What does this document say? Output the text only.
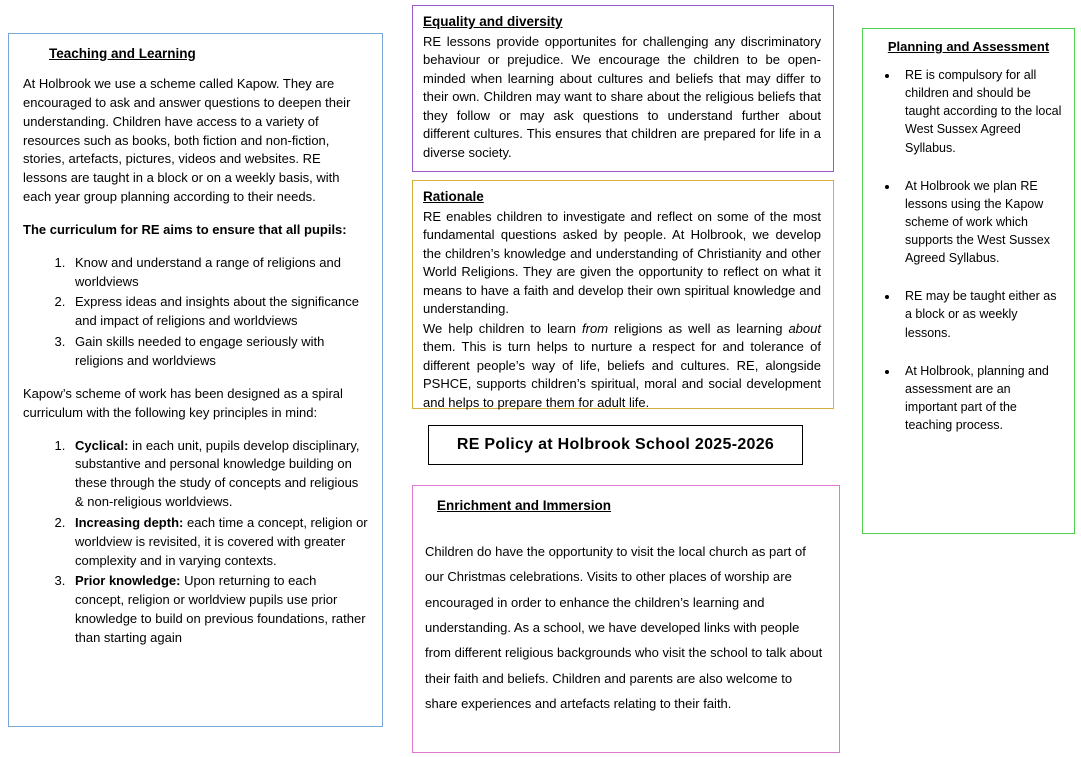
Teaching and Learning

At Holbrook we use a scheme called Kapow. They are encouraged to ask and answer questions to deepen their understanding. Children have access to a variety of resources such as books, both fiction and non-fiction, stories, artefacts, pictures, videos and websites. RE lessons are taught in a block or on a weekly basis, with each year group planning according to their needs.

The curriculum for RE aims to ensure that all pupils:

1. Know and understand a range of religions and worldviews
2. Express ideas and insights about the significance and impact of religions and worldviews
3. Gain skills needed to engage seriously with religions and worldviews

Kapow’s scheme of work has been designed as a spiral curriculum with the following key principles in mind:

1. Cyclical: in each unit, pupils develop disciplinary, substantive and personal knowledge building on these through the study of concepts and religious & non-religious worldviews.
2. Increasing depth: each time a concept, religion or worldview is revisited, it is covered with greater complexity and in varying contexts.
3. Prior knowledge: Upon returning to each concept, religion or worldview pupils use prior knowledge to build on previous foundations, rather than starting again
Equality and diversity

RE lessons provide opportunites for challenging any discriminatory behaviour or prejudice. We encourage the children to be open-minded when learning about cultures and beliefs that may differ to their own. Children may want to share about the religious beliefs that they follow or may ask questions to understand further about different cultures. This ensures that children are prepared for life in a diverse society.

Rationale

RE enables children to investigate and reflect on some of the most fundamental questions asked by people. At Holbrook, we develop the children’s knowledge and understanding of Christianity and other World Religions. They are given the opportunity to reflect on what it means to have a faith and develop their own spiritual knowledge and understanding.

We help children to learn from religions as well as learning about them. This is turn helps to nurture a respect for and tolerance of different people’s way of life, beliefs and cultures. RE, alongside PSHCE, supports children’s spiritual, moral and social development and helps to prepare them for adult life.

RE Policy at Holbrook School 2025-2026
Enrichment and Immersion

Children do have the opportunity to visit the local church as part of our Christmas celebrations. Visits to other places of worship are encouraged in order to enhance the children’s learning and understanding. As a school, we have developed links with people from different religious backgrounds who visit the school to talk about their faith and beliefs. Children and parents are also welcome to share experiences and artefacts relating to their faith.

Planning and Assessment
• RE is compulsory for all children and should be taught according to the local West Sussex Agreed Syllabus.
• At Holbrook we plan RE lessons using the Kapow scheme of work which supports the West Sussex Agreed Syllabus.
• RE may be taught either as a block or as weekly lessons.
• At Holbrook, planning and assessment are an important part of the teaching process.
